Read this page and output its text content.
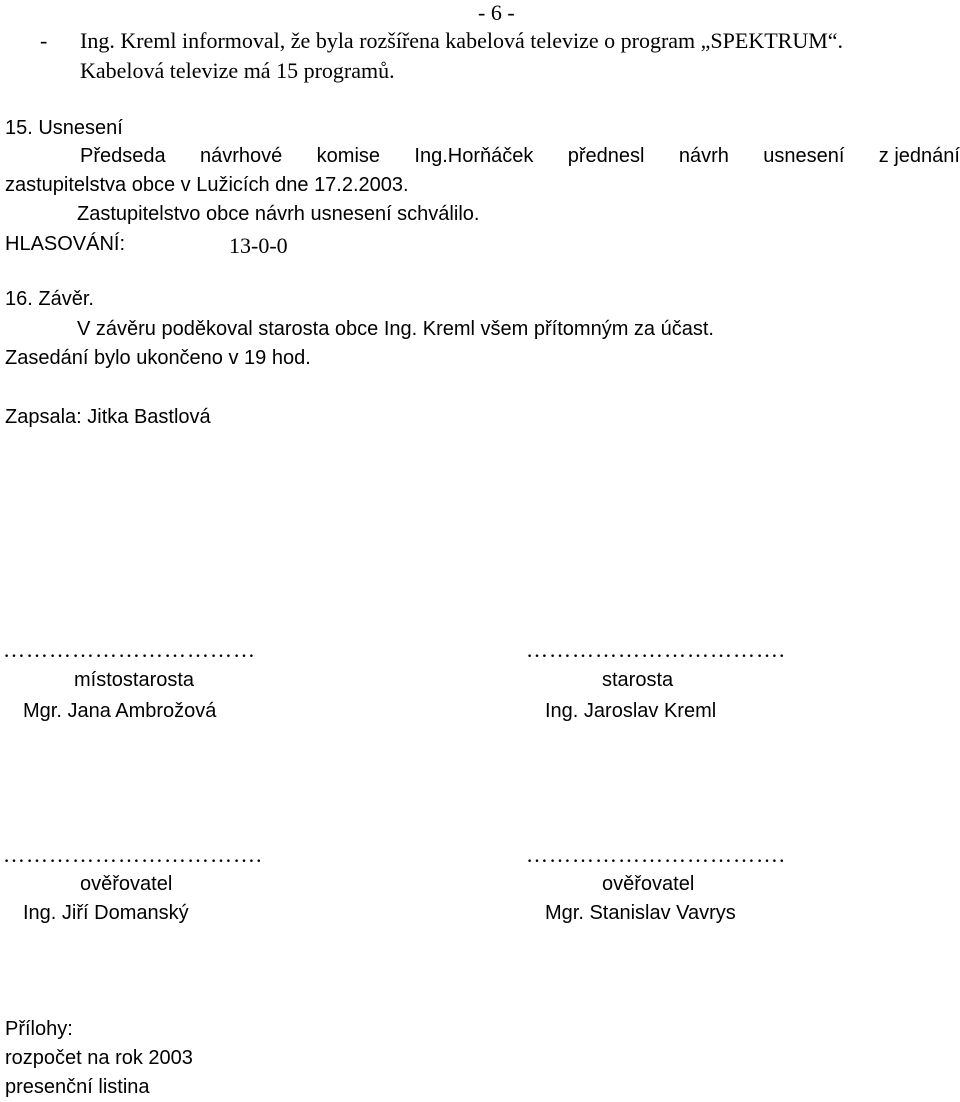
- 6 -
- Ing. Kreml informoval, že byla rozšířena kabelová televize o program „SPEKTRUM“.
Kabelová televize má 15 programů.
15. Usnesení
Předseda návrhové komise Ing.Horňáček přednesl návrh usnesení z jednání
zastupitelstva obce v Lužicích dne 17.2.2003.
Zastupitelstvo obce návrh usnesení schválilo.
HLASOVÁNÍ:	13-0-0
16. Závěr.
V závěru poděkoval starosta obce Ing. Kreml všem přítomným za účast.
Zasedání bylo ukončeno v 19 hod.
Zapsala: Jitka Bastlová
……………………………
místostarosta
Mgr. Jana Ambrožová
…………………………….
starosta
Ing. Jaroslav Kreml
…………………………….
ověřovatel
Ing. Jiří Domanský
…………………………….
ověřovatel
Mgr. Stanislav Vavrys
Přílohy:
rozpočet na rok 2003
presenční listina
